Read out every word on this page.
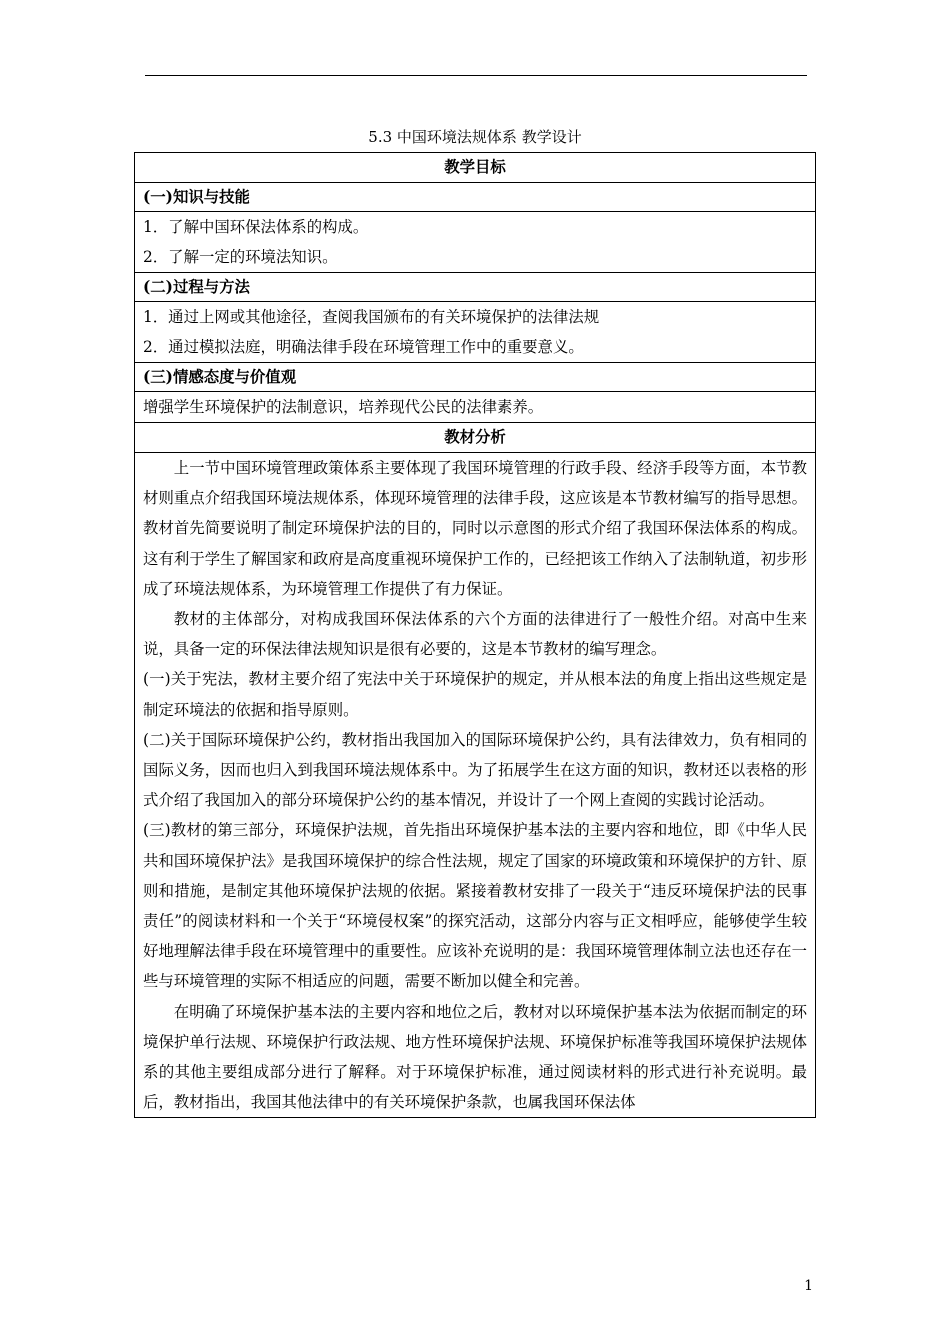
5.3 中国环境法规体系 教学设计
教学目标
(一)知识与技能

1．了解中国环保法体系的构成。
2．了解一定的环境法知识。

(二)过程与方法

1．通过上网或其他途径，查阅我国颁布的有关环境保护的法律法规
2．通过模拟法庭，明确法律手段在环境管理工作中的重要意义。

(三)情感态度与价值观

增强学生环境保护的法制意识，培养现代公民的法律素养。

教材分析

上一节中国环境管理政策体系主要体现了我国环境管理的行政手段、经济手段等方面，本节教材则重点介绍我国环境法规体系，体现环境管理的法律手段，这应该是本节教材编写的指导思想。教材首先简要说明了制定环境保护法的目的，同时以示意图的形式介绍了我国环保法体系的构成。这有利于学生了解国家和政府是高度重视环境保护工作的，已经把该工作纳入了法制轨道，初步形成了环境法规体系，为环境管理工作提供了有力保证。

教材的主体部分，对构成我国环保法体系的六个方面的法律进行了一般性介绍。对高中生来说，具备一定的环保法律法规知识是很有必要的，这是本节教材的编写理念。

(一)关于宪法，教材主要介绍了宪法中关于环境保护的规定，并从根本法的角度上指出这些规定是制定环境法的依据和指导原则。

(二)关于国际环境保护公约，教材指出我国加入的国际环境保护公约，具有法律效力，负有相同的国际义务，因而也归入到我国环境法规体系中。为了拓展学生在这方面的知识，教材还以表格的形式介绍了我国加入的部分环境保护公约的基本情况，并设计了一个网上查阅的实践讨论活动。

(三)教材的第三部分，环境保护法规，首先指出环境保护基本法的主要内容和地位，即《中华人民共和国环境保护法》是我国环境保护的综合性法规，规定了国家的环境政策和环境保护的方针、原则和措施，是制定其他环境保护法规的依据。紧接着教材安排了一段关于“违反环境保护法的民事责任”的阅读材料和一个关于“环境侵权案”的探究活动，这部分内容与正文相呼应，能够使学生较好地理解法律手段在环境管理中的重要性。应该补充说明的是：我国环境管理体制立法也还存在一些与环境管理的实际不相适应的问题，需要不断加以健全和完善。

在明确了环境保护基本法的主要内容和地位之后，教材对以环境保护基本法为依据而制定的环境保护单行法规、环境保护行政法规、地方性环境保护法规、环境保护标准等我国环境保护法规体系的其他主要组成部分进行了解释。对于环境保护标准，通过阅读材料的形式进行补充说明。最后，教材指出，我国其他法律中的有关环境保护条款，也属我国环保法体

1
